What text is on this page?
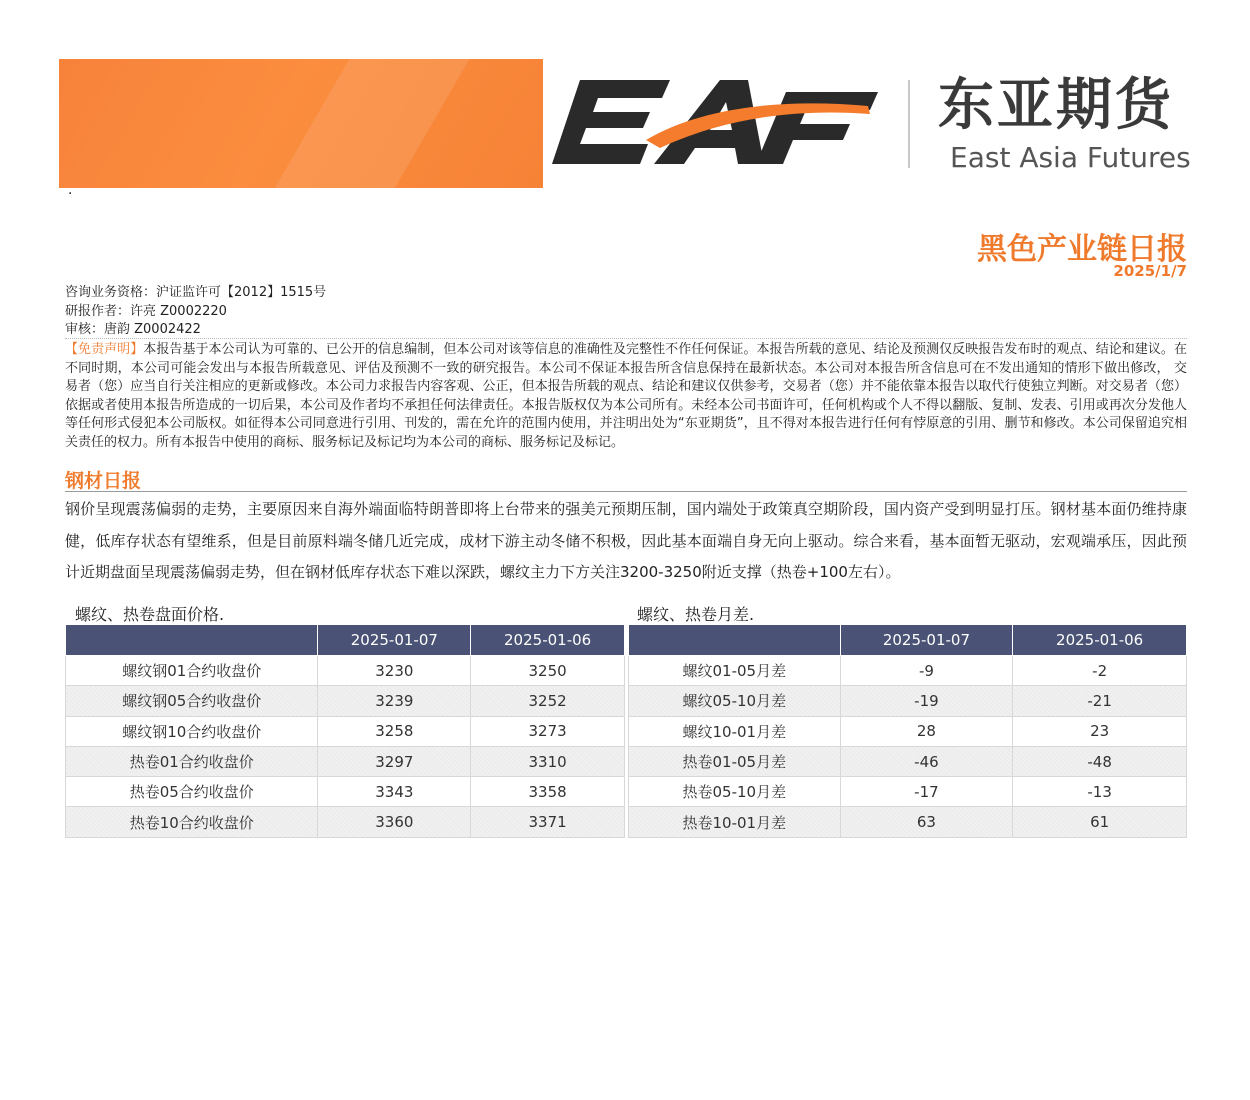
东亚期货
East Asia Futures
·
黑色产业链日报
2025/1/7
咨询业务资格：沪证监许可【2012】1515号
研报作者：许亮 Z0002220
审核：唐韵 Z0002422
【免责声明】本报告基于本公司认为可靠的、已公开的信息编制，但本公司对该等信息的准确性及完整性不作任何保证。本报告所载的意见、结论及预测仅反映报告发布时的观点、结论和建议。在不同时期，本公司可能会发出与本报告所载意见、评估及预测不一致的研究报告。本公司不保证本报告所含信息保持在最新状态。本公司对本报告所含信息可在不发出通知的情形下做出修改， 交易者（您）应当自行关注相应的更新或修改。本公司力求报告内容客观、公正，但本报告所载的观点、结论和建议仅供参考，交易者（您）并不能依靠本报告以取代行使独立判断。对交易者（您）依据或者使用本报告所造成的一切后果，本公司及作者均不承担任何法律责任。本报告版权仅为本公司所有。未经本公司书面许可，任何机构或个人不得以翻版、复制、发表、引用或再次分发他人等任何形式侵犯本公司版权。如征得本公司同意进行引用、刊发的，需在允许的范围内使用，并注明出处为“东亚期货”，且不得对本报告进行任何有悖原意的引用、删节和修改。本公司保留追究相关责任的权力。所有本报告中使用的商标、服务标记及标记均为本公司的商标、服务标记及标记。
钢材日报
钢价呈现震荡偏弱的走势，主要原因来自海外端面临特朗普即将上台带来的强美元预期压制，国内端处于政策真空期阶段，国内资产受到明显打压。钢材基本面仍维持康健，低库存状态有望维系，但是目前原料端冬储几近完成，成材下游主动冬储不积极，因此基本面端自身无向上驱动。综合来看，基本面暂无驱动，宏观端承压，因此预计近期盘面呈现震荡偏弱走势，但在钢材低库存状态下难以深跌，螺纹主力下方关注3200-3250附近支撑（热卷+100左右）。
螺纹、热卷盘面价格.
	2025-01-07	2025-01-06
螺纹钢01合约收盘价	3230	3250
螺纹钢05合约收盘价	3239	3252
螺纹钢10合约收盘价	3258	3273
热卷01合约收盘价	3297	3310
热卷05合约收盘价	3343	3358
热卷10合约收盘价	3360	3371
螺纹、热卷月差.
	2025-01-07	2025-01-06
螺纹01-05月差	-9	-2
螺纹05-10月差	-19	-21
螺纹10-01月差	28	23
热卷01-05月差	-46	-48
热卷05-10月差	-17	-13
热卷10-01月差	63	61
